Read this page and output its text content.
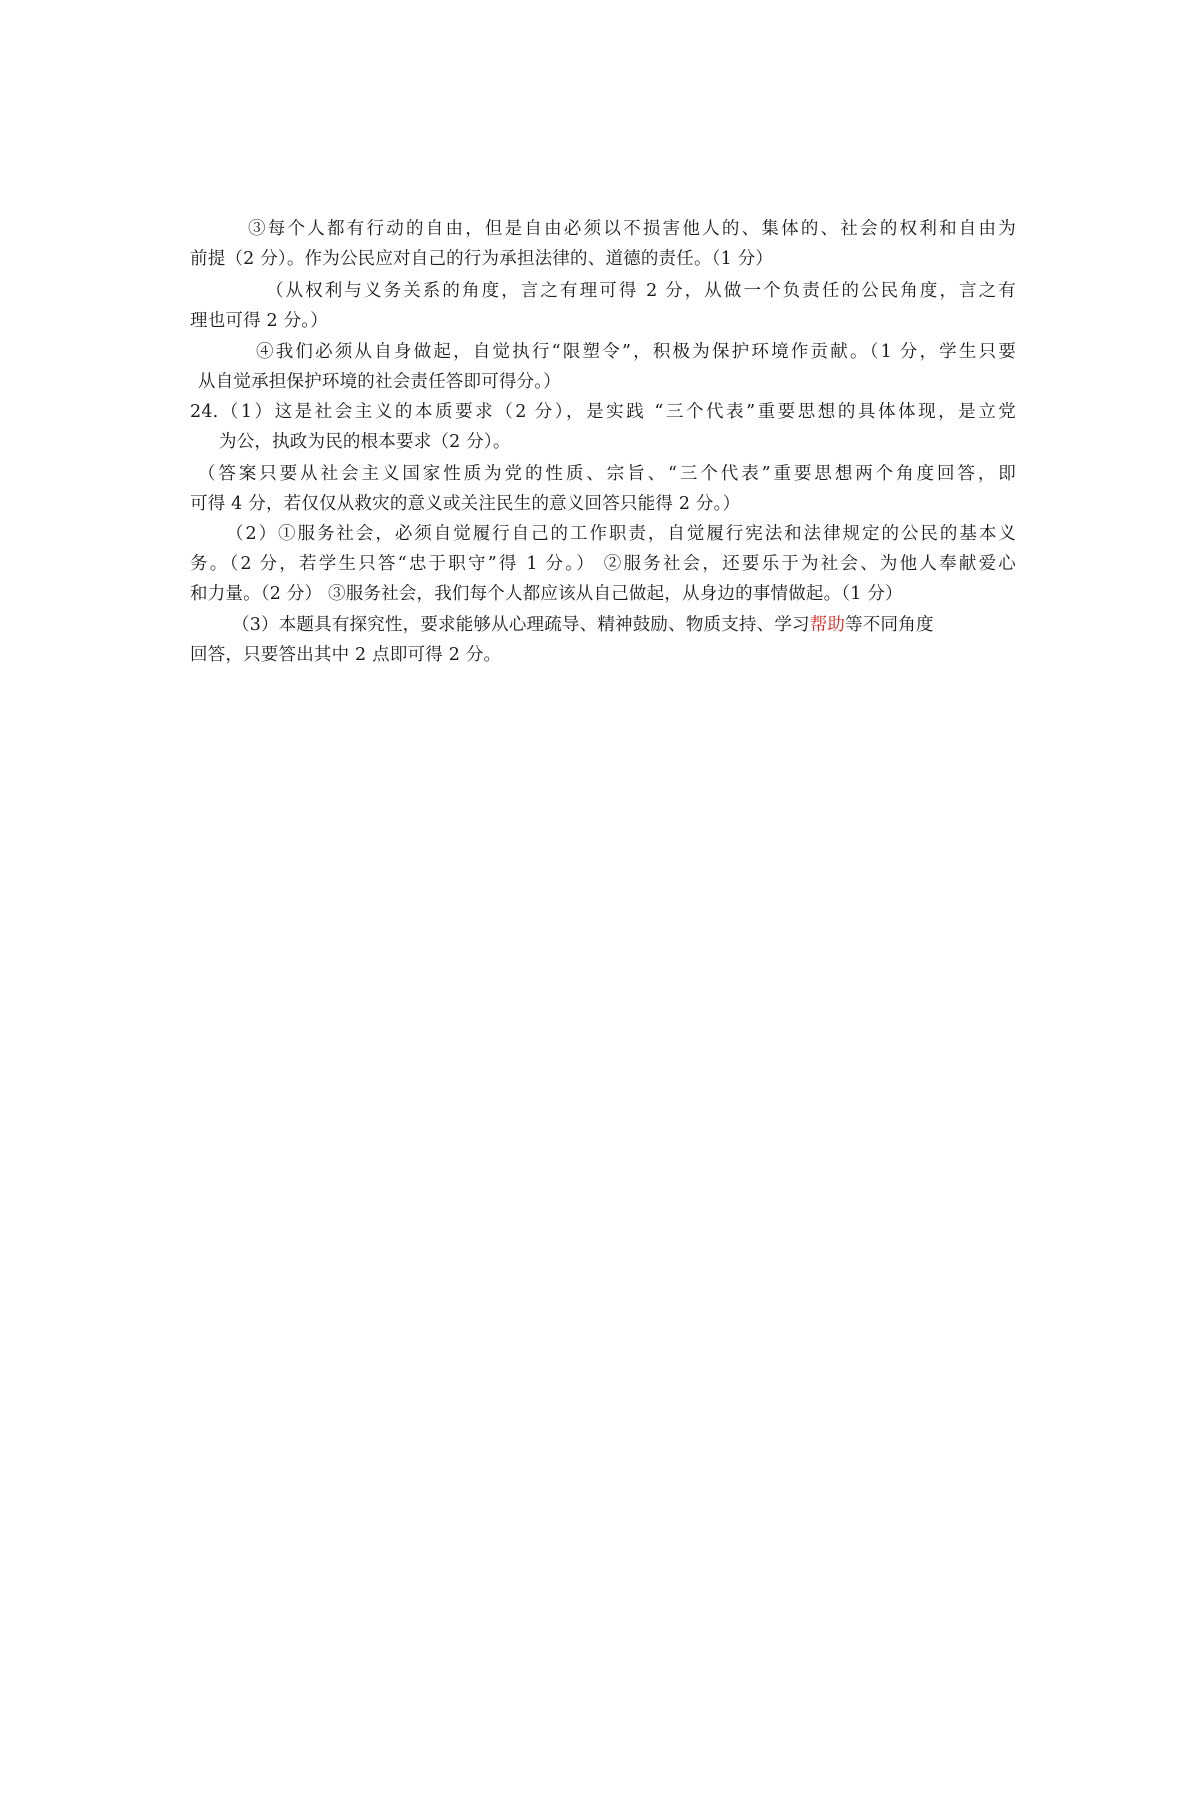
③每个人都有行动的自由，但是自由必须以不损害他人的、集体的、社会的权利和自由为
前提（2 分）。作为公民应对自己的行为承担法律的、道德的责任。（1 分）
（从权利与义务关系的角度，言之有理可得 2 分，从做一个负责任的公民角度，言之有
理也可得 2 分。）
④我们必须从自身做起，自觉执行“限塑令”，积极为保护环境作贡献。（1 分，学生只要
从自觉承担保护环境的社会责任答即可得分。）
24.（1）这是社会主义的本质要求（2 分），是实践 “三个代表”重要思想的具体体现，是立党
为公，执政为民的根本要求（2 分）。
（答案只要从社会主义国家性质为党的性质、宗旨、“三个代表”重要思想两个角度回答，即
可得 4 分，若仅仅从救灾的意义或关注民生的意义回答只能得 2 分。）
（2）①服务社会，必须自觉履行自己的工作职责，自觉履行宪法和法律规定的公民的基本义
务。（2 分，若学生只答“忠于职守”得 1 分。） ②服务社会，还要乐于为社会、为他人奉献爱心
和力量。（2 分） ③服务社会，我们每个人都应该从自己做起，从身边的事情做起。（1 分）
（3）本题具有探究性，要求能够从心理疏导、精神鼓励、物质支持、学习帮助等不同角度
回答，只要答出其中 2 点即可得 2 分。
